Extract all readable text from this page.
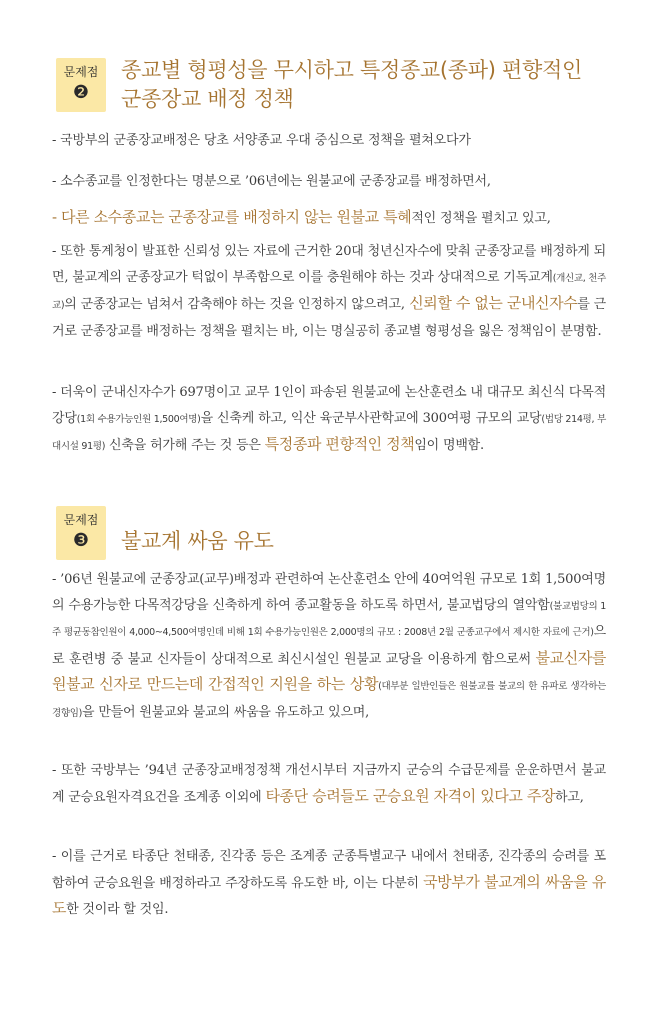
문제점
❷
종교별 형평성을 무시하고 특정종교(종파) 편향적인
군종장교 배정 정책
- 국방부의 군종장교배정은 당초 서양종교 우대 중심으로 정책을 펼쳐오다가
- 소수종교를 인정한다는 명분으로 ’06년에는 원불교에 군종장교를 배정하면서,
- 다른 소수종교는 군종장교를 배정하지 않는 원불교 특혜적인 정책을 펼치고 있고,
- 또한 통계청이 발표한 신뢰성 있는 자료에 근거한 20대 청년신자수에 맞춰 군종장교를 배정하게 되면, 불교계의 군종장교가 턱없이 부족함으로 이를 충원해야 하는 것과 상대적으로 기독교계(개신교, 천주교)의 군종장교는 넘쳐서 감축해야 하는 것을 인정하지 않으려고, 신뢰할 수 없는 군내신자수를 근거로 군종장교를 배정하는 정책을 펼치는 바, 이는 명실공히 종교별 형평성을 잃은 정책임이 분명함.
- 더욱이 군내신자수가 697명이고 교무 1인이 파송된 원불교에 논산훈련소 내 대규모 최신식 다목적강당(1회 수용가능인원 1,500여명)을 신축케 하고, 익산 육군부사관학교에 300여평 규모의 교당(법당 214평, 부대시설 91평) 신축을 허가해 주는 것 등은 특정종파 편향적인 정책임이 명백함.
문제점
❸	불교계 싸움 유도
- ’06년 원불교에 군종장교(교무)배정과 관련하여 논산훈련소 안에 40여억원 규모로 1회 1,500여명의 수용가능한 다목적강당을 신축하게 하여 종교활동을 하도록 하면서, 불교법당의 열악함(불교법당의 1주 평균동참인원이 4,000~4,500여명인데 비해 1회 수용가능인원은 2,000명의 규모 : 2008년 2월 군종교구에서 제시한 자료에 근거)으로 훈련병 중 불교 신자들이 상대적으로 최신시설인 원불교 교당을 이용하게 함으로써 불교신자를 원불교 신자로 만드는데 간접적인 지원을 하는 상황(대부분 일반인들은 원불교를 불교의 한 유파로 생각하는 경향임)을 만들어 원불교와 불교의 싸움을 유도하고 있으며,
- 또한 국방부는 ’94년 군종장교배정정책 개선시부터 지금까지 군승의 수급문제를 운운하면서 불교계 군승요원자격요건을 조계종 이외에 타종단 승려들도 군승요원 자격이 있다고 주장하고,
- 이를 근거로 타종단 천태종, 진각종 등은 조계종 군종특별교구 내에서 천태종, 진각종의 승려를 포함하여 군승요원을 배정하라고 주장하도록 유도한 바, 이는 다분히 국방부가 불교계의 싸움을 유도한 것이라 할 것임.
